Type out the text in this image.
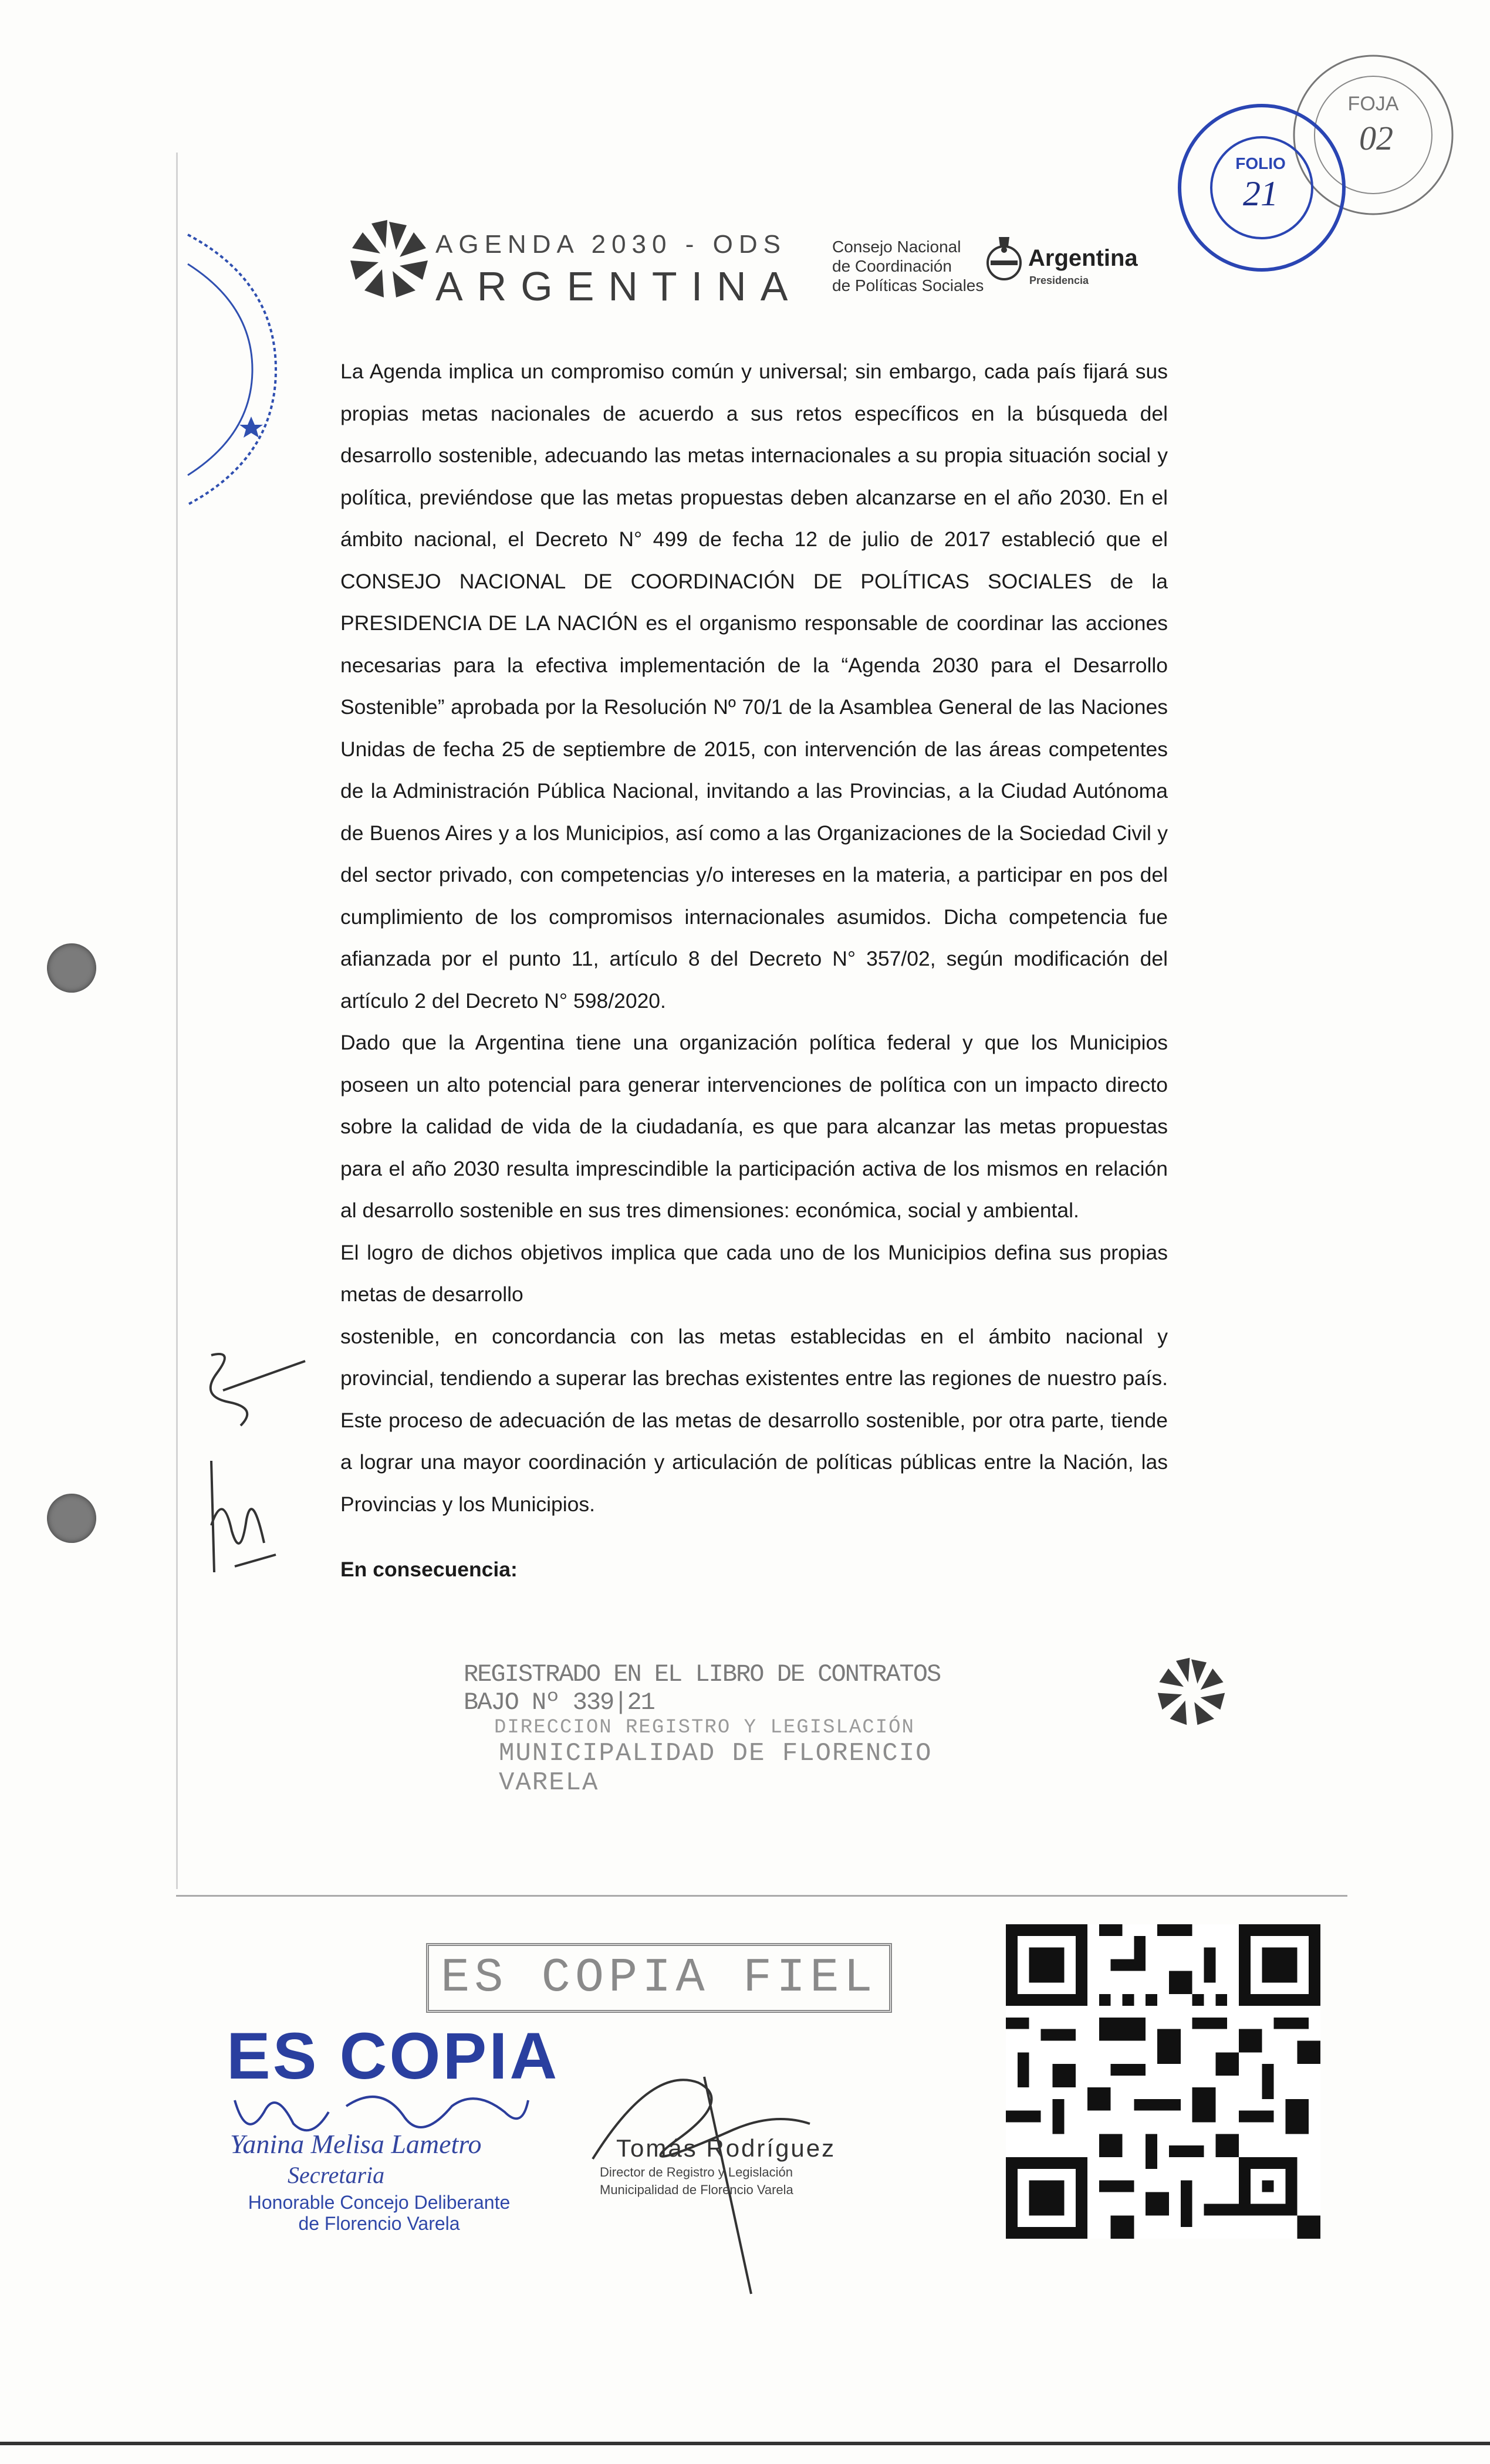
FOJA
02
FOLIO
21
AGENDA 2030 - ODS
ARGENTINA
Consejo Nacional
de Coordinación
de Políticas Sociales
Argentina
Presidencia

La Agenda implica un compromiso común y universal; sin embargo, cada país fijará sus propias metas nacionales de acuerdo a sus retos específicos en la búsqueda del desarrollo sostenible, adecuando las metas internacionales a su propia situación social y política, previéndose que las metas propuestas deben alcanzarse en el año 2030. En el ámbito nacional, el Decreto N° 499 de fecha 12 de julio de 2017 estableció que el CONSEJO NACIONAL DE COORDINACIÓN DE POLÍTICAS SOCIALES de la PRESIDENCIA DE LA NACIÓN es el organismo responsable de coordinar las acciones necesarias para la efectiva implementación de la “Agenda 2030 para el Desarrollo Sostenible” aprobada por la Resolución Nº 70/1 de la Asamblea General de las Naciones Unidas de fecha 25 de septiembre de 2015, con intervención de las áreas competentes de la Administración Pública Nacional, invitando a las Provincias, a la Ciudad Autónoma de Buenos Aires y a los Municipios, así como a las Organizaciones de la Sociedad Civil y del sector privado, con competencias y/o intereses en la materia, a participar en pos del cumplimiento de los compromisos internacionales asumidos. Dicha competencia fue afianzada por el punto 11, artículo 8 del Decreto N° 357/02, según modificación del artículo 2 del Decreto N° 598/2020.

Dado que la Argentina tiene una organización política federal y que los Municipios poseen un alto potencial para generar intervenciones de política con un impacto directo sobre la calidad de vida de la ciudadanía, es que para alcanzar las metas propuestas para el año 2030 resulta imprescindible la participación activa de los mismos en relación al desarrollo sostenible en sus tres dimensiones: económica, social y ambiental.

El logro de dichos objetivos implica que cada uno de los Municipios defina sus propias metas de desarrollo

sostenible, en concordancia con las metas establecidas en el ámbito nacional y provincial, tendiendo a superar las brechas existentes entre las regiones de nuestro país. Este proceso de adecuación de las metas de desarrollo sostenible, por otra parte, tiende a lograr una mayor coordinación y articulación de políticas públicas entre la Nación, las Provincias y los Municipios.

En consecuencia:

REGISTRADO EN EL LIBRO DE CONTRATOS BAJO Nº 339|21
DIRECCION REGISTRO Y LEGISLACIÓN
MUNICIPALIDAD DE FLORENCIO VARELA
ES COPIA FIEL
ES COPIA
Yanina Melisa Lametro
Secretaria
Honorable Concejo Deliberante
de Florencio Varela
Tomás Rodríguez
Director de Registro y Legislación
Municipalidad de Florencio Varela
